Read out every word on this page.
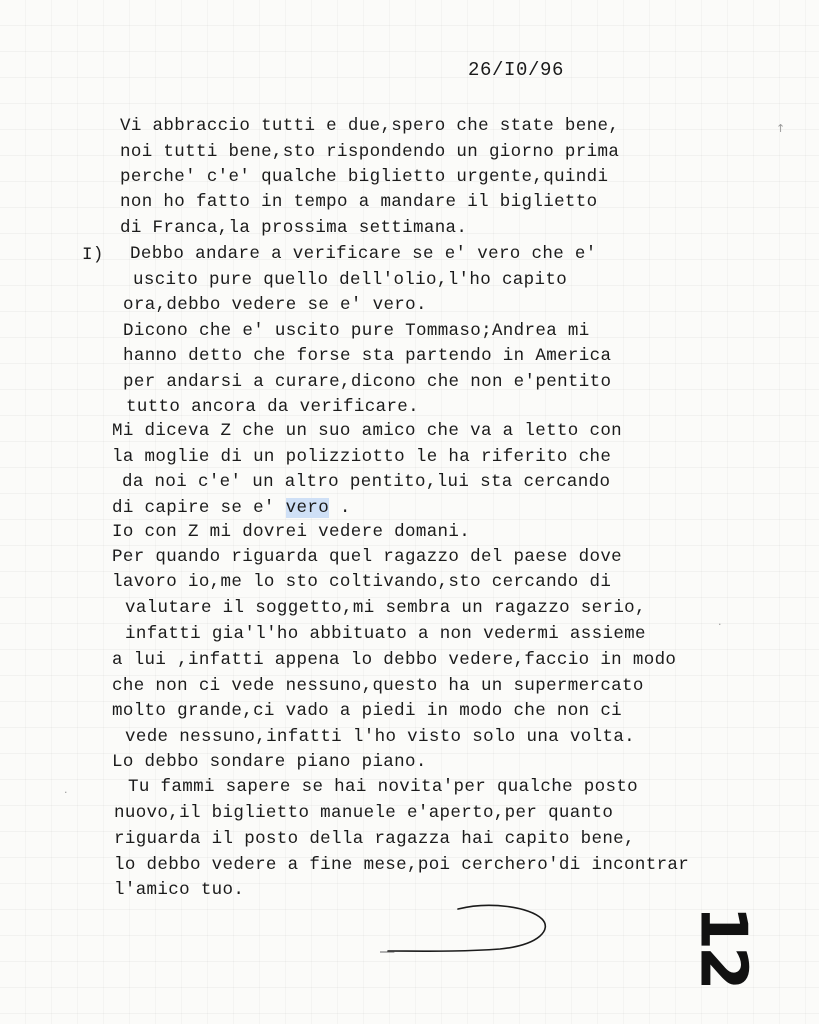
26/I0/96
Vi abbraccio tutti e due,spero che state bene,
noi tutti bene,sto rispondendo un giorno prima
perche' c'e' qualche biglietto urgente,quindi
non ho fatto in tempo a mandare il biglietto
di Franca,la prossima settimana.
I) Debbo andare a verificare se e' vero che e'
uscito pure quello dell'olio,l'ho capito
ora,debbo vedere se e' vero.
Dicono che e' uscito pure Tommaso;Andrea mi
hanno detto che forse sta partendo in America
per andarsi a curare,dicono che non e'pentito
tutto ancora da verificare.
Mi diceva Z che un suo amico che va a letto con
la moglie di un polizziotto le ha riferito che
da noi c'e' un altro pentito,lui sta cercando
di capire se e' vero .
Io con Z mi dovrei vedere domani.
Per quando riguarda quel ragazzo del paese dove
lavoro io,me lo sto coltivando,sto cercando di
valutare il soggetto,mi sembra un ragazzo serio,
infatti gia'l'ho abbituato a non vedermi assieme
a lui ,infatti appena lo debbo vedere,faccio in modo
che non ci vede nessuno,questo ha un supermercato
molto grande,ci vado a piedi in modo che non ci
vede nessuno,infatti l'ho visto solo una volta.
Lo debbo sondare piano piano.
Tu fammi sapere se hai novita'per qualche posto
nuovo,il biglietto manuele e'aperto,per quanto
riguarda il posto della ragazza hai capito bene,
lo debbo vedere a fine mese,poi cerchero'di incontrar
l'amico tuo.
12
↑
·
·
